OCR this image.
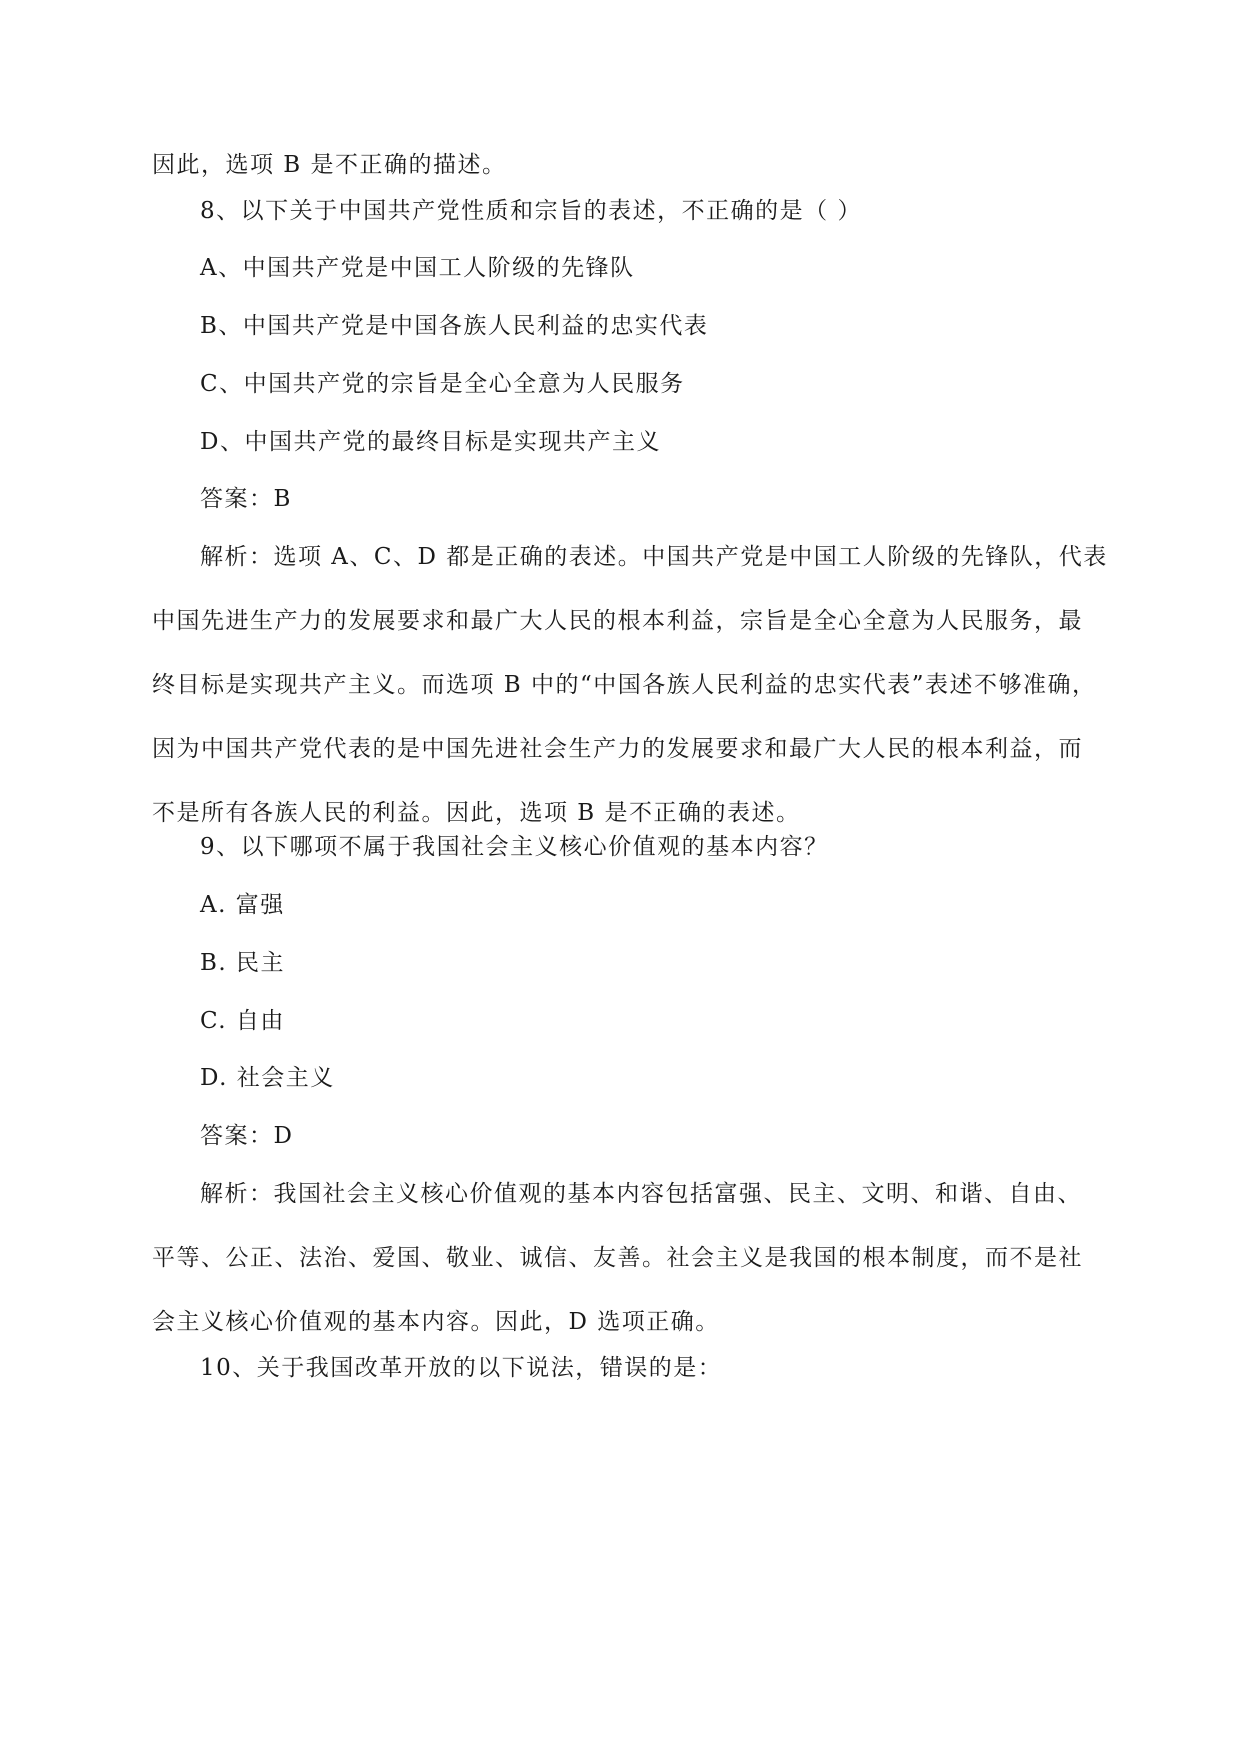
因此，选项 B 是不正确的描述。
8、以下关于中国共产党性质和宗旨的表述，不正确的是（ ）
A、中国共产党是中国工人阶级的先锋队
B、中国共产党是中国各族人民利益的忠实代表
C、中国共产党的宗旨是全心全意为人民服务
D、中国共产党的最终目标是实现共产主义
答案：B
解析：选项 A、C、D 都是正确的表述。中国共产党是中国工人阶级的先锋队，代表
中国先进生产力的发展要求和最广大人民的根本利益，宗旨是全心全意为人民服务，最
终目标是实现共产主义。而选项 B 中的“中国各族人民利益的忠实代表”表述不够准确，
因为中国共产党代表的是中国先进社会生产力的发展要求和最广大人民的根本利益，而
不是所有各族人民的利益。因此，选项 B 是不正确的表述。
9、以下哪项不属于我国社会主义核心价值观的基本内容？
A. 富强
B. 民主
C. 自由
D. 社会主义
答案：D
解析：我国社会主义核心价值观的基本内容包括富强、民主、文明、和谐、自由、
平等、公正、法治、爱国、敬业、诚信、友善。社会主义是我国的根本制度，而不是社
会主义核心价值观的基本内容。因此，D 选项正确。
10、关于我国改革开放的以下说法，错误的是：
